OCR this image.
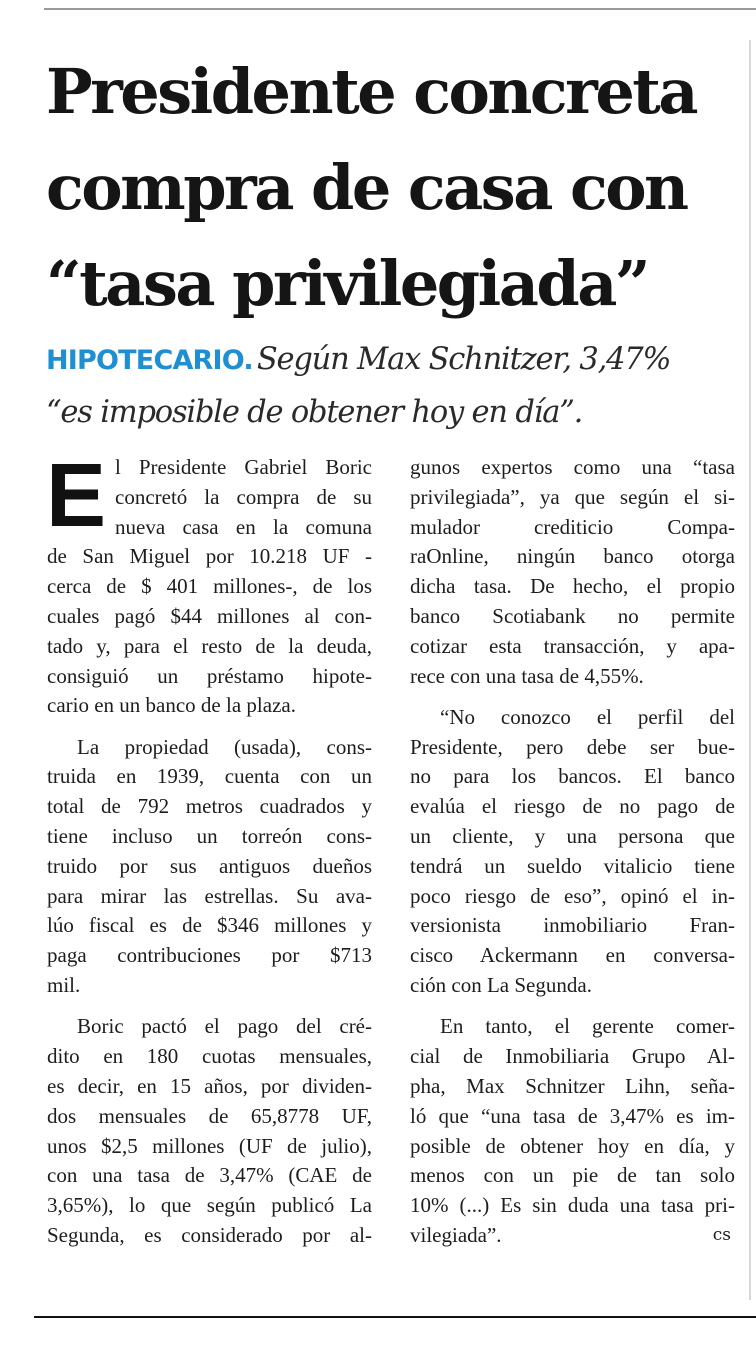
Presidente concreta
compra de casa con
“tasa privilegiada”
HIPOTECARIO. Según Max Schnitzer, 3,47%
“es imposible de obtener hoy en día”.

E l Presidente Gabriel Boric
concretó la compra de su
nueva casa en la comuna
de San Miguel por 10.218 UF -
cerca de $ 401 millones-, de los
cuales pagó $44 millones al con-
tado y, para el resto de la deuda,
consiguió un préstamo hipote-
cario en un banco de la plaza.

La propiedad (usada), cons-
truida en 1939, cuenta con un
total de 792 metros cuadrados y
tiene incluso un torreón cons-
truido por sus antiguos dueños
para mirar las estrellas. Su ava-
lúo fiscal es de $346 millones y
paga contribuciones por $713
mil.

Boric pactó el pago del cré-
dito en 180 cuotas mensuales,
es decir, en 15 años, por dividen-
dos mensuales de 65,8778 UF,
unos $2,5 millones (UF de julio),
con una tasa de 3,47% (CAE de
3,65%), lo que según publicó La
Segunda, es considerado por al-

gunos expertos como una “tasa
privilegiada”, ya que según el si-
mulador crediticio Compa-
raOnline, ningún banco otorga
dicha tasa. De hecho, el propio
banco Scotiabank no permite
cotizar esta transacción, y apa-
rece con una tasa de 4,55%.

“No conozco el perfil del
Presidente, pero debe ser bue-
no para los bancos. El banco
evalúa el riesgo de no pago de
un cliente, y una persona que
tendrá un sueldo vitalicio tiene
poco riesgo de eso”, opinó el in-
versionista inmobiliario Fran-
cisco Ackermann en conversa-
ción con La Segunda.

En tanto, el gerente comer-
cial de Inmobiliaria Grupo Al-
pha, Max Schnitzer Lihn, seña-
ló que “una tasa de 3,47% es im-
posible de obtener hoy en día, y
menos con un pie de tan solo
10% (...) Es sin duda una tasa pri-
vilegiada”.	cs
